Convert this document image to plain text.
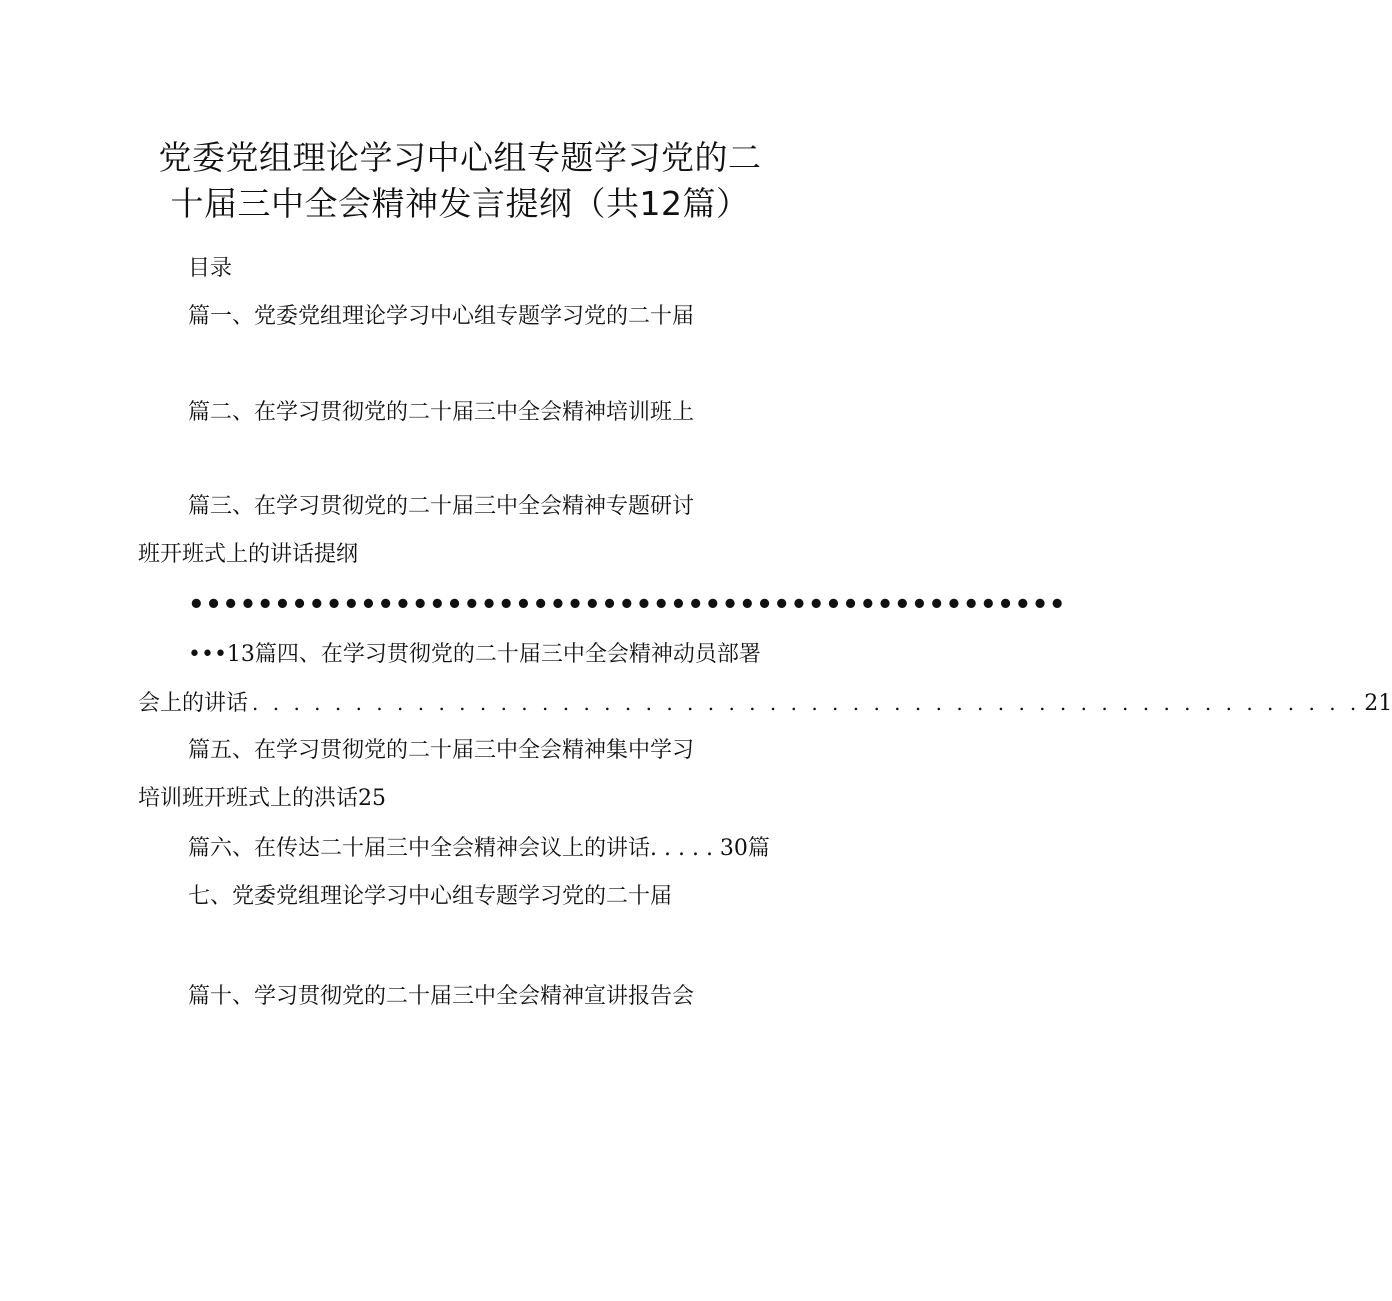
党委党组理论学习中心组专题学习党的二
十届三中全会精神发言提纲（共12篇）
目录
篇一、党委党组理论学习中心组专题学习党的二十届
篇二、在学习贯彻党的二十届三中全会精神培训班上
篇三、在学习贯彻党的二十届三中全会精神专题研讨
班开班式上的讲话提纲
•••••••••••••••••••••••••••••••••••••••••••••••••••
•••13篇四、在学习贯彻党的二十届三中全会精神动员部署
会上的讲话 . . . . . . . . . . . . . . . . . . . . . . . . . . . . . . . . . . . . . . . . . . . . . . . . . . . . . . 21
篇五、在学习贯彻党的二十届三中全会精神集中学习
培训班开班式上的洪话25
篇六、在传达二十届三中全会精神会议上的讲话. . . . . 30篇
七、党委党组理论学习中心组专题学习党的二十届
篇十、学习贯彻党的二十届三中全会精神宣讲报告会
